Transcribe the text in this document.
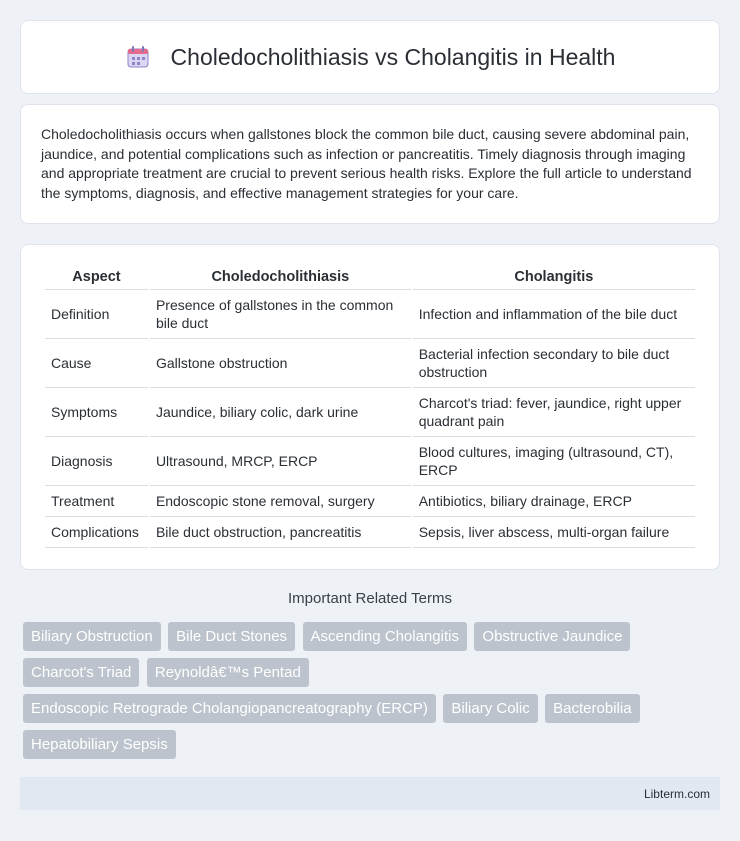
Choledocholithiasis vs Cholangitis in Health

Choledocholithiasis occurs when gallstones block the common bile duct, causing severe abdominal pain, jaundice, and potential complications such as infection or pancreatitis. Timely diagnosis through imaging and appropriate treatment are crucial to prevent serious health risks. Explore the full article to understand the symptoms, diagnosis, and effective management strategies for your care.

Aspect	Choledocholithiasis	Cholangitis
Definition	Presence of gallstones in the common bile duct	Infection and inflammation of the bile duct
Cause	Gallstone obstruction	Bacterial infection secondary to bile duct obstruction
Symptoms	Jaundice, biliary colic, dark urine	Charcot's triad: fever, jaundice, right upper quadrant pain
Diagnosis	Ultrasound, MRCP, ERCP	Blood cultures, imaging (ultrasound, CT), ERCP
Treatment	Endoscopic stone removal, surgery	Antibiotics, biliary drainage, ERCP
Complications	Bile duct obstruction, pancreatitis	Sepsis, liver abscess, multi-organ failure
Important Related Terms
Biliary Obstruction Bile Duct Stones Ascending Cholangitis Obstructive Jaundice Charcot's Triad Reynoldâ€™s Pentad Endoscopic Retrograde Cholangiopancreatography (ERCP) Biliary Colic Bacterobilia Hepatobiliary Sepsis
Libterm.com
